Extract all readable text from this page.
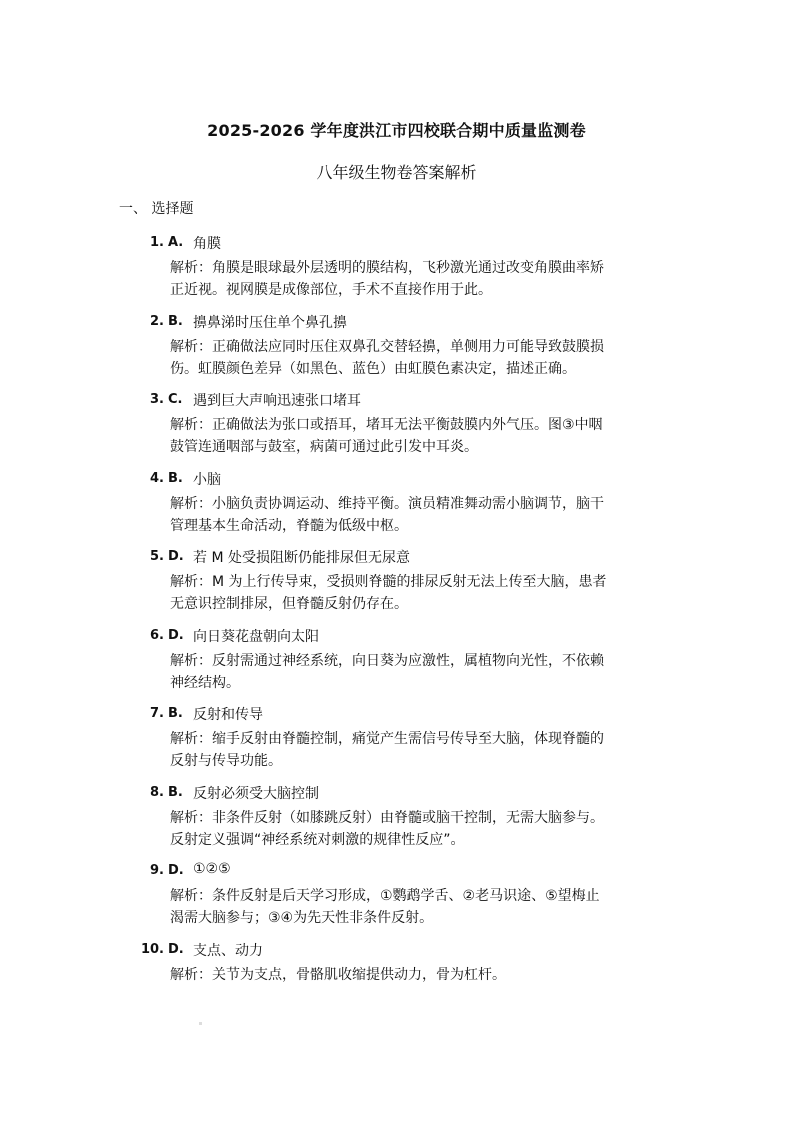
2025-2026 学年度洪江市四校联合期中质量监测卷
八年级生物卷答案解析
一、 选择题
1. A. 角膜
解析：角膜是眼球最外层透明的膜结构，飞秒激光通过改变角膜曲率矫
正近视。视网膜是成像部位，手术不直接作用于此。
2. B. 擤鼻涕时压住单个鼻孔擤
解析：正确做法应同时压住双鼻孔交替轻擤，单侧用力可能导致鼓膜损
伤。虹膜颜色差异（如黑色、蓝色）由虹膜色素决定，描述正确。
3. C. 遇到巨大声响迅速张口堵耳
解析：正确做法为张口或捂耳，堵耳无法平衡鼓膜内外气压。图③中咽
鼓管连通咽部与鼓室，病菌可通过此引发中耳炎。
4. B. 小脑
解析：小脑负责协调运动、维持平衡。演员精准舞动需小脑调节，脑干
管理基本生命活动，脊髓为低级中枢。
5. D. 若 M 处受损阻断仍能排尿但无尿意
解析：M 为上行传导束，受损则脊髓的排尿反射无法上传至大脑，患者
无意识控制排尿，但脊髓反射仍存在。
6. D. 向日葵花盘朝向太阳
解析：反射需通过神经系统，向日葵为应激性，属植物向光性，不依赖
神经结构。
7. B. 反射和传导
解析：缩手反射由脊髓控制，痛觉产生需信号传导至大脑，体现脊髓的
反射与传导功能。
8. B. 反射必须受大脑控制
解析：非条件反射（如膝跳反射）由脊髓或脑干控制，无需大脑参与。
反射定义强调“神经系统对刺激的规律性反应”。
9. D. ①②⑤
解析：条件反射是后天学习形成，①鹦鹉学舌、②老马识途、⑤望梅止
渴需大脑参与；③④为先天性非条件反射。
10. D. 支点、动力
解析：关节为支点，骨骼肌收缩提供动力，骨为杠杆。
